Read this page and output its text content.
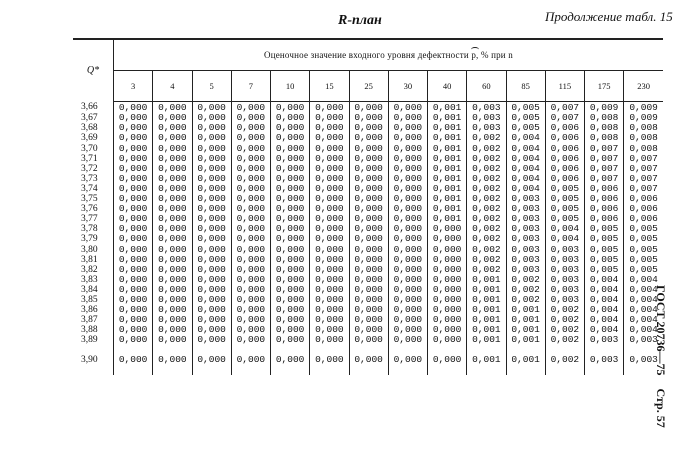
R-план	Продолжение табл. 15
ГОСТ 20736—75 Стр. 57
Q*	Оценочное значение входного уровня дефектности p, % при n													
	3	4	5	7	10	15	25	30	40	60	85	115	175	230
3,66	0,000	0,000	0,000	0,000	0,000	0,000	0,000	0,000	0,001	0,003	0,005	0,007	0,009	0,009
3,67	0,000	0,000	0,000	0,000	0,000	0,000	0,000	0,000	0,001	0,003	0,005	0,007	0,008	0,009
3,68	0,000	0,000	0,000	0,000	0,000	0,000	0,000	0,000	0,001	0,003	0,005	0,006	0,008	0,008
3,69	0,000	0,000	0,000	0,000	0,000	0,000	0,000	0,000	0,001	0,002	0,004	0,006	0,008	0,008
3,70	0,000	0,000	0,000	0,000	0,000	0,000	0,000	0,000	0,001	0,002	0,004	0,006	0,007	0,008
3,71	0,000	0,000	0,000	0,000	0,000	0,000	0,000	0,000	0,001	0,002	0,004	0,006	0,007	0,007
3,72	0,000	0,000	0,000	0,000	0,000	0,000	0,000	0,000	0,001	0,002	0,004	0,006	0,007	0,007
3,73	0,000	0,000	0,000	0,000	0,000	0,000	0,000	0,000	0,001	0,002	0,004	0,006	0,007	0,007
3,74	0,000	0,000	0,000	0,000	0,000	0,000	0,000	0,000	0,001	0,002	0,004	0,005	0,006	0,007
3,75	0,000	0,000	0,000	0,000	0,000	0,000	0,000	0,000	0,001	0,002	0,003	0,005	0,006	0,006
3,76	0,000	0,000	0,000	0,000	0,000	0,000	0,000	0,000	0,001	0,002	0,003	0,005	0,006	0,006
3,77	0,000	0,000	0,000	0,000	0,000	0,000	0,000	0,000	0,001	0,002	0,003	0,005	0,006	0,006
3,78	0,000	0,000	0,000	0,000	0,000	0,000	0,000	0,000	0,000	0,002	0,003	0,004	0,005	0,005
3,79	0,000	0,000	0,000	0,000	0,000	0,000	0,000	0,000	0,000	0,002	0,003	0,004	0,005	0,005
3,80	0,000	0,000	0,000	0,000	0,000	0,000	0,000	0,000	0,000	0,002	0,003	0,003	0,005	0,005
3,81	0,000	0,000	0,000	0,000	0,000	0,000	0,000	0,000	0,000	0,002	0,003	0,003	0,005	0,005
3,82	0,000	0,000	0,000	0,000	0,000	0,000	0,000	0,000	0,000	0,002	0,003	0,003	0,005	0,005
3,83	0,000	0,000	0,000	0,000	0,000	0,000	0,000	0,000	0,000	0,001	0,002	0,003	0,004	0,004
3,84	0,000	0,000	0,000	0,000	0,000	0,000	0,000	0,000	0,000	0,001	0,002	0,003	0,004	0,004
3,85	0,000	0,000	0,000	0,000	0,000	0,000	0,000	0,000	0,000	0,001	0,002	0,003	0,004	0,004
3,86	0,000	0,000	0,000	0,000	0,000	0,000	0,000	0,000	0,000	0,001	0,001	0,002	0,004	0,004
3,87	0,000	0,000	0,000	0,000	0,000	0,000	0,000	0,000	0,000	0,001	0,001	0,002	0,004	0,004
3,88	0,000	0,000	0,000	0,000	0,000	0,000	0,000	0,000	0,000	0,001	0,001	0,002	0,004	0,004
3,89	0,000	0,000	0,000	0,000	0,000	0,000	0,000	0,000	0,000	0,001	0,001	0,002	0,003	0,003
3,90	0,000	0,000	0,000	0,000	0,000	0,000	0,000	0,000	0,000	0,001	0,001	0,002	0,003	0,003
